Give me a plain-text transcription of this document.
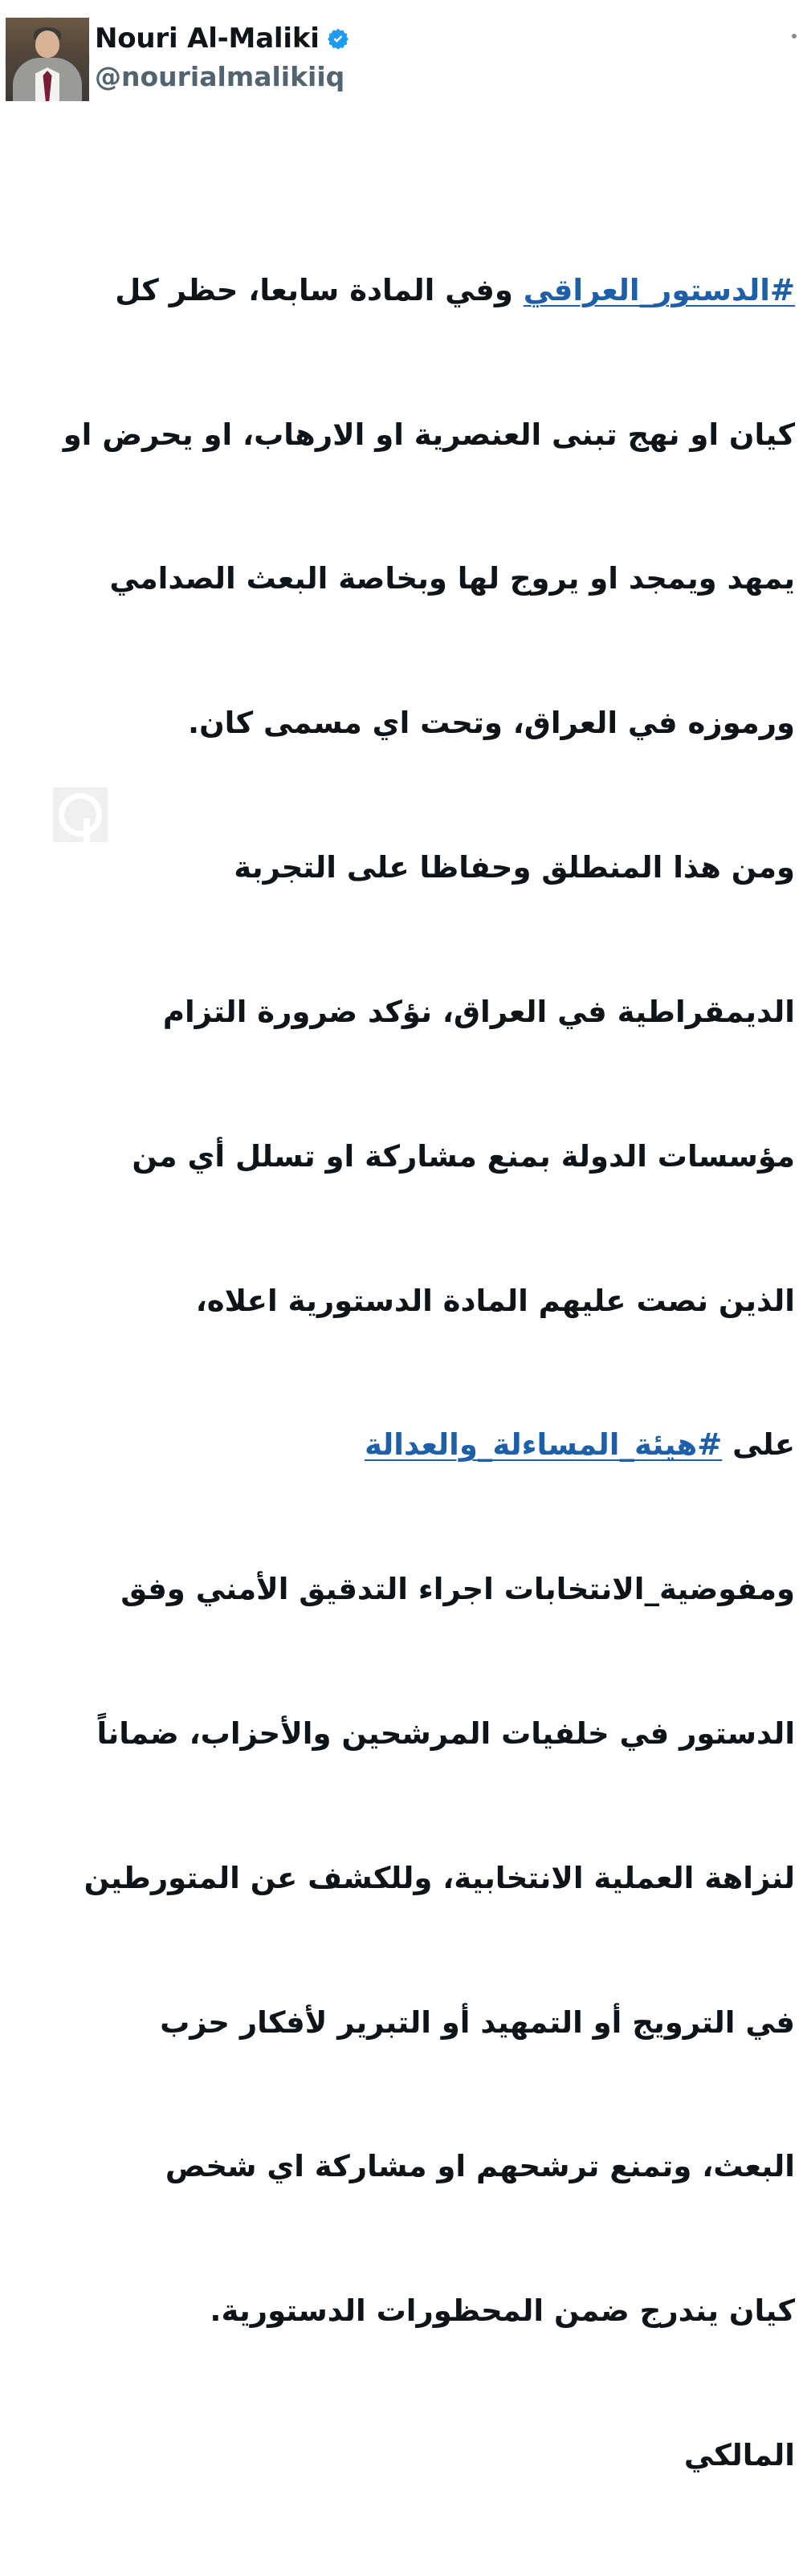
Nouri Al-Maliki
@nourialmalikiiq

#الدستور_العراقي وفي المادة سابعا، حظر كل

كيان او نهج تبنى العنصرية او الارهاب، او يحرض او

يمهد ويمجد او يروج لها وبخاصة البعث الصدامي

ورموزه في العراق، وتحت اي مسمى كان.

ومن هذا المنطلق وحفاظا على التجربة

الديمقراطية في العراق، نؤكد ضرورة التزام

مؤسسات الدولة بمنع مشاركة او تسلل أي من

الذين نصت عليهم المادة الدستورية اعلاه،

على #هيئة_المساءلة_والعدالة

ومفوضية_الانتخابات اجراء التدقيق الأمني وفق

الدستور في خلفيات المرشحين والأحزاب، ضماناً

لنزاهة العملية الانتخابية، وللكشف عن المتورطين

في الترويج أو التمهيد أو التبرير لأفكار حزب

البعث، وتمنع ترشحهم او مشاركة اي شخص

كيان يندرج ضمن المحظورات الدستورية.

المالكي
